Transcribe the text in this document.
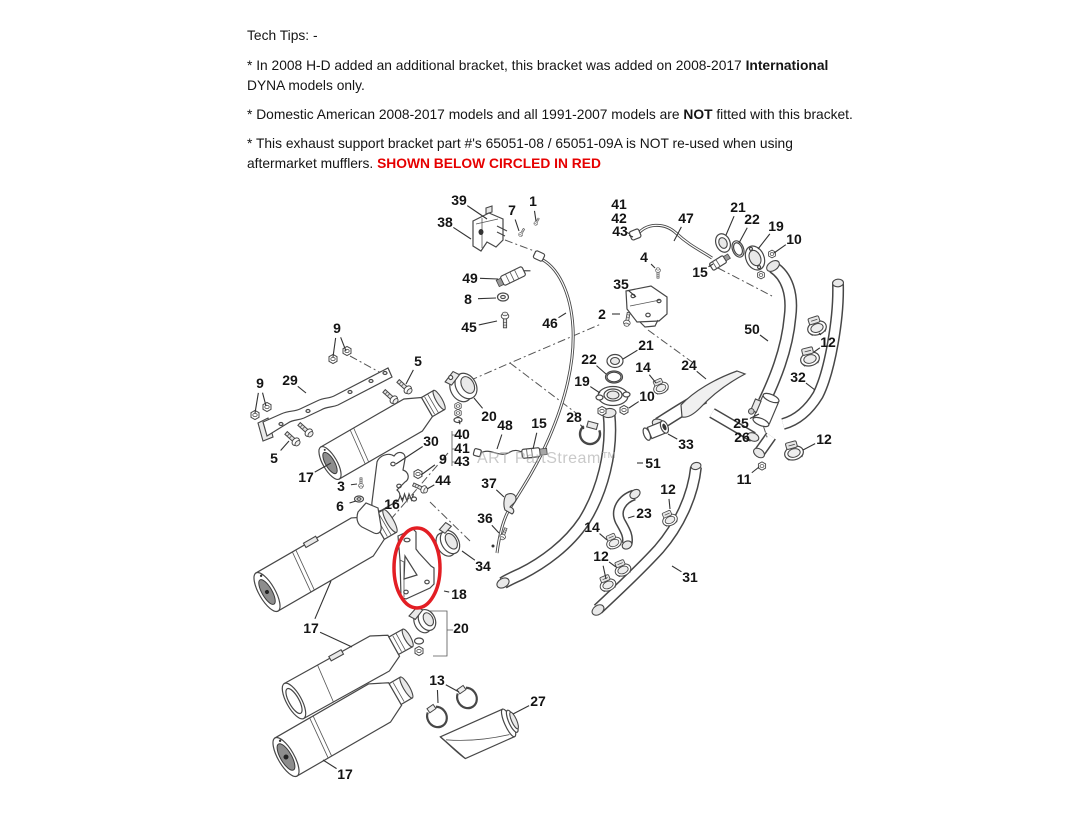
Tech Tips: -

* In 2008 H-D added an additional bracket, this bracket was added on 2008-2017 International
DYNA models only.

* Domestic American 2008-2017 models and all 1991-2007 models are NOT fitted with this bracket.

* This exhaust support bracket part #'s 65051-08 / 65051-09A is NOT re-used when using
aftermarket mufflers. SHOWN BELOW CIRCLED IN RED

ART PartStream™
39
38
7
1
49
8
45	46
41
42
43
47
21
22 19
10
15
4
35
2
50
12
24
32
21
22
19
14
10
28	25
26
33	12
11
51
9
5
29
9
5
17
30
20
48 15
40
41
43
9
44
3
6	16
37
36
34
18
17	20
23
14
12
31
13
27
17
12
